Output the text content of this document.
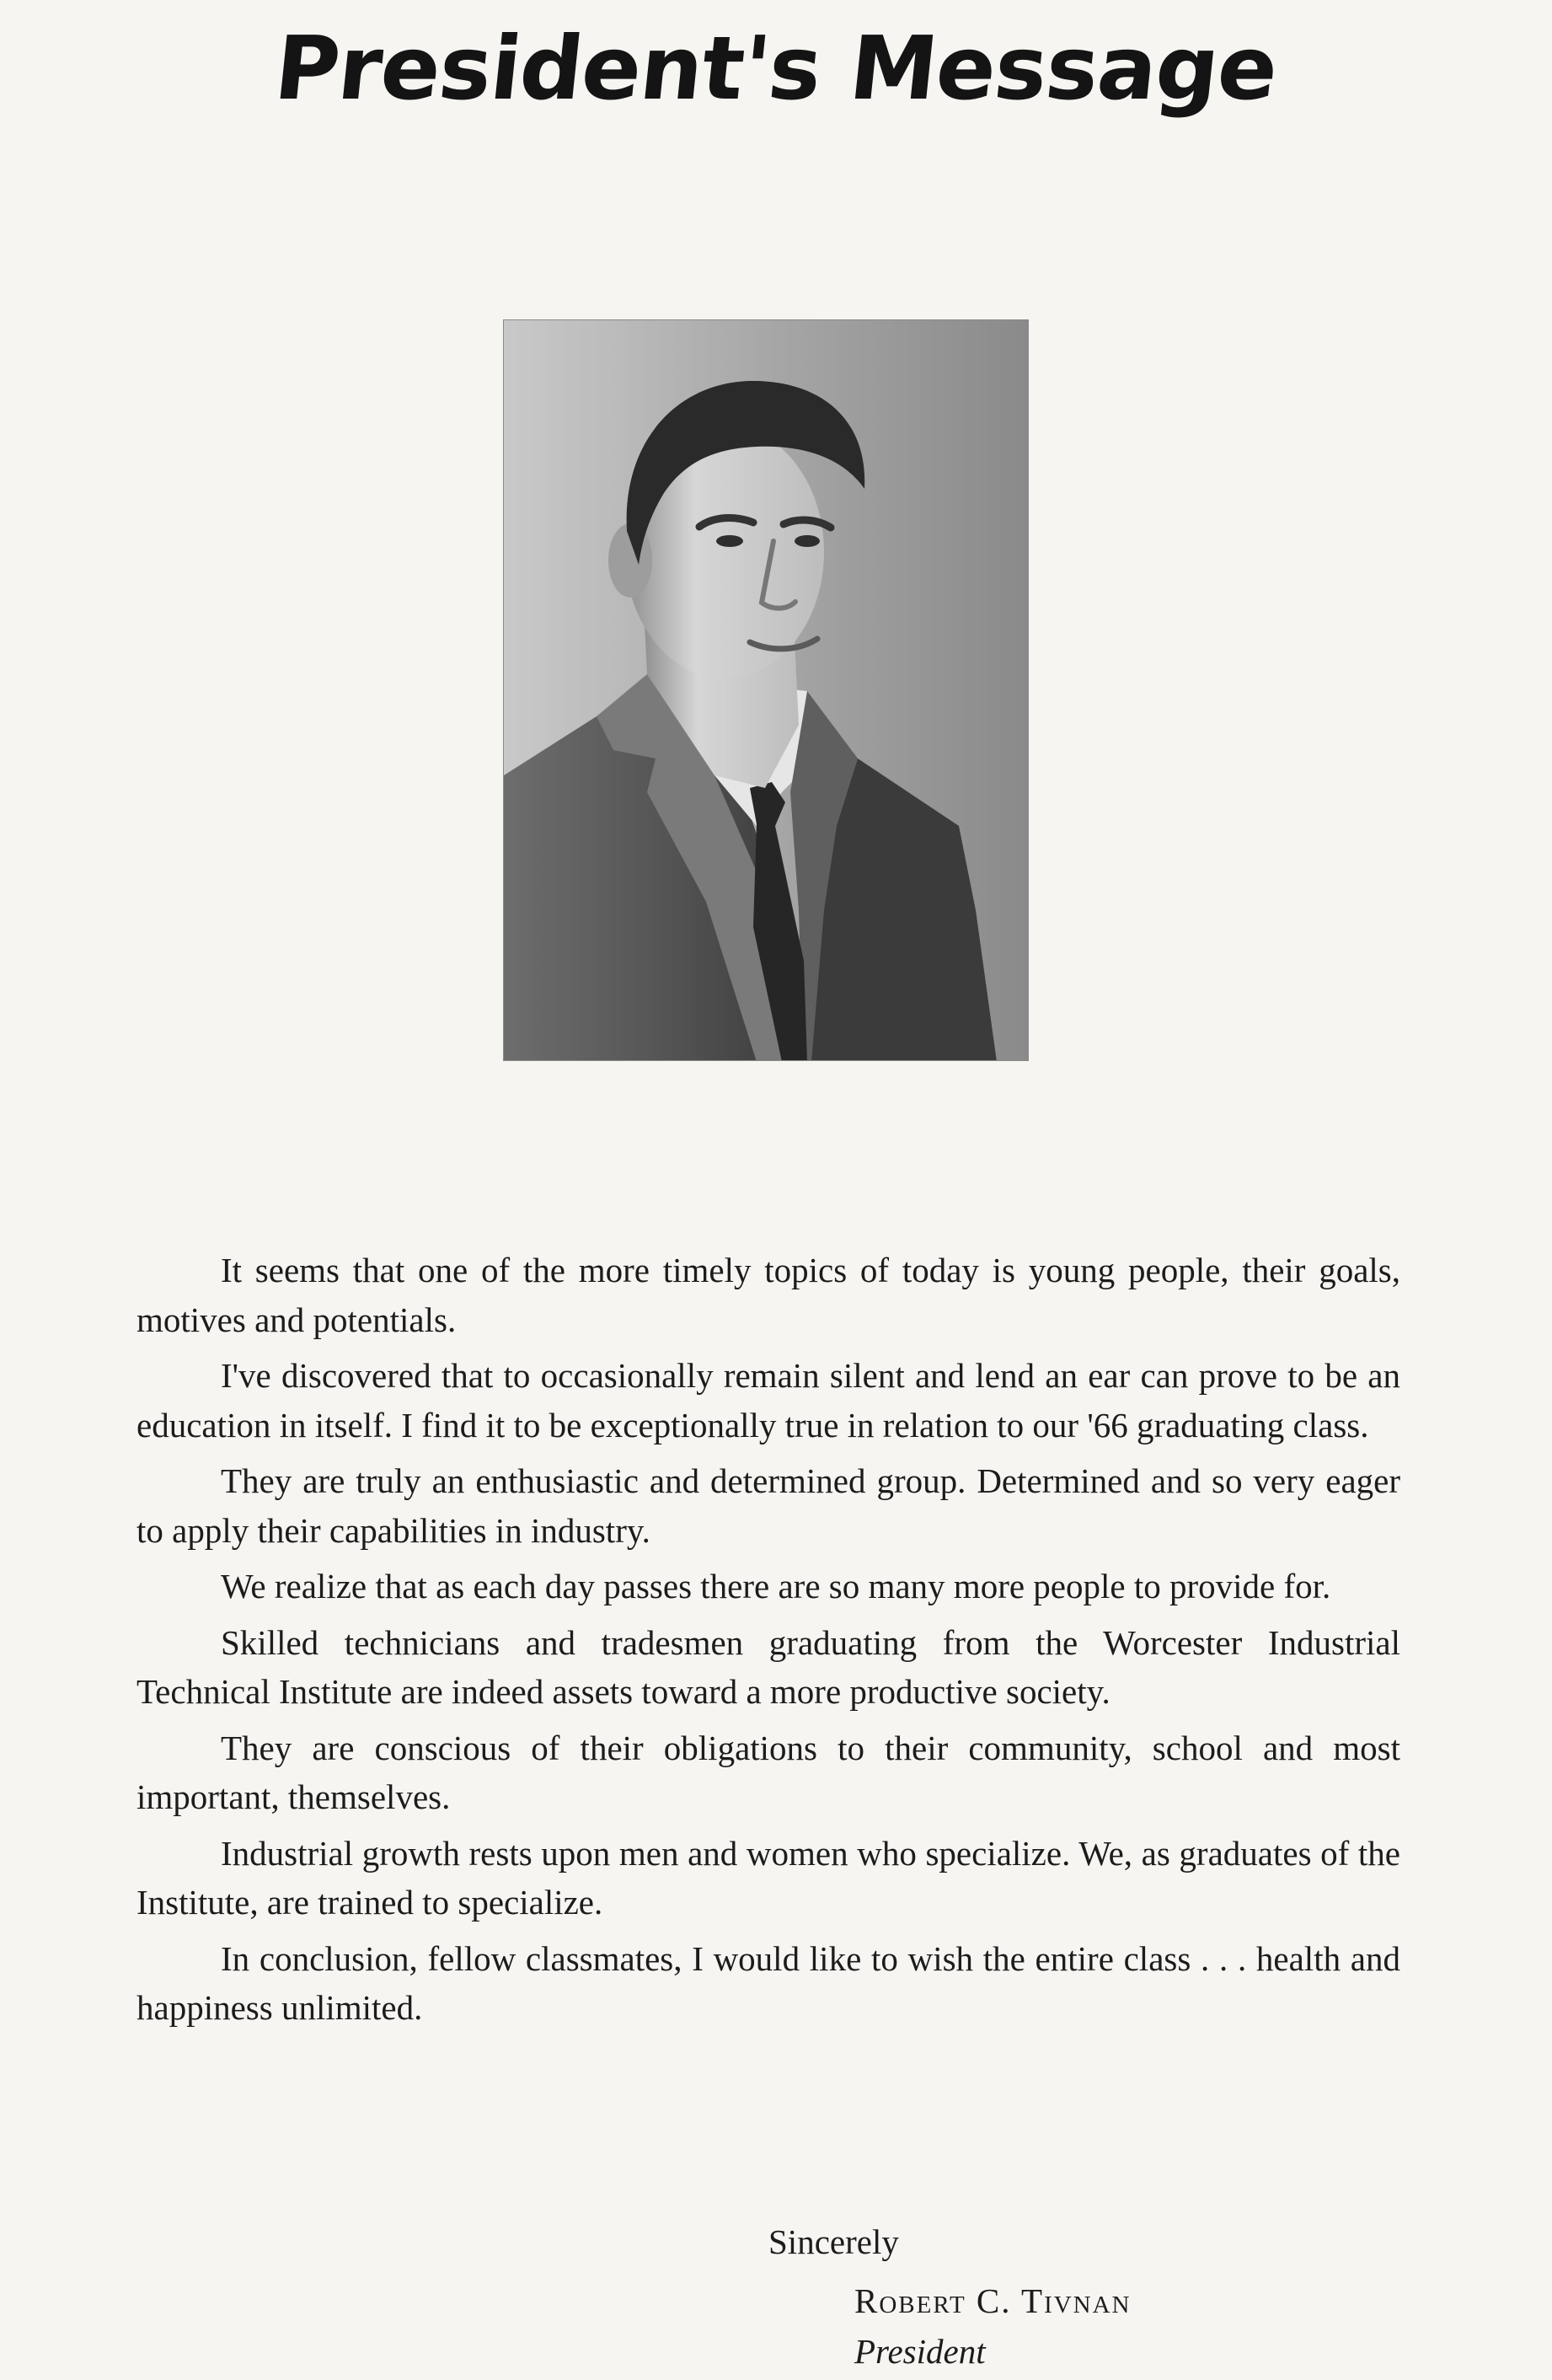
President's Message

It seems that one of the more timely topics of today is young people, their goals, motives and potentials.

I've discovered that to occasionally remain silent and lend an ear can prove to be an education in itself. I find it to be exceptionally true in relation to our '66 graduating class.

They are truly an enthusiastic and determined group. Determined and so very eager to apply their capabilities in industry.

We realize that as each day passes there are so many more people to provide for.

Skilled technicians and tradesmen graduating from the Worcester Industrial Technical Institute are indeed assets toward a more productive society.

They are conscious of their obligations to their community, school and most important, themselves.

Industrial growth rests upon men and women who specialize. We, as graduates of the Institute, are trained to specialize.

In conclusion, fellow classmates, I would like to wish the entire class . . . health and happiness unlimited.

Sincerely
Robert C. Tivnan
President
